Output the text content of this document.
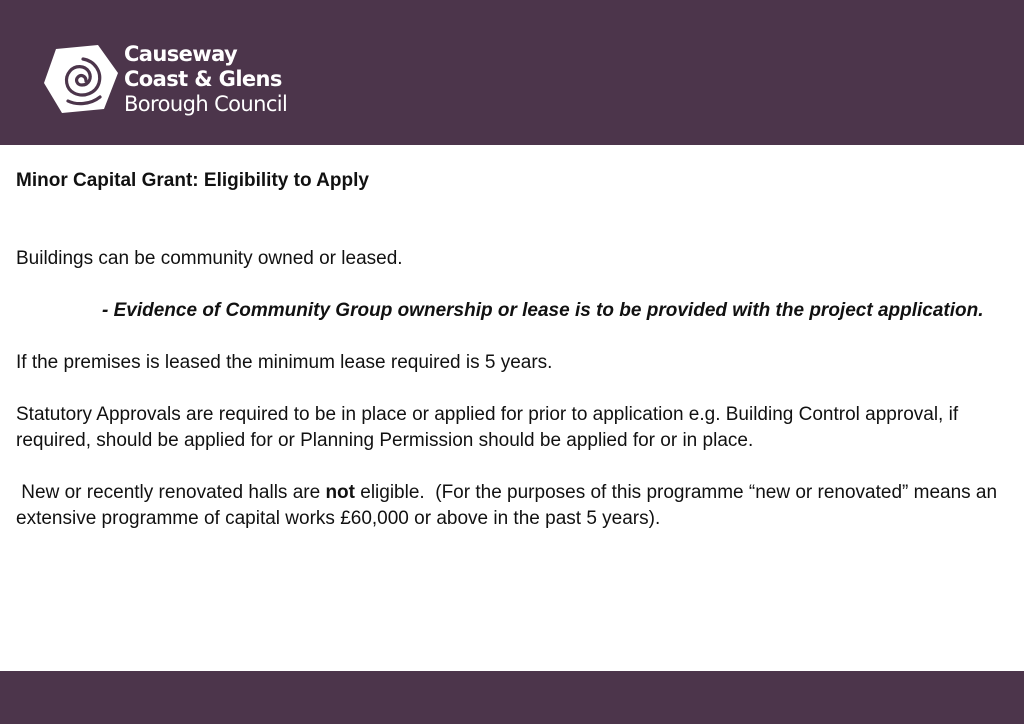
Causeway
Coast & Glens
Borough Council

Minor Capital Grant: Eligibility to Apply

Buildings can be community owned or leased.

- Evidence of Community Group ownership or lease is to be provided with the project application.

If the premises is leased the minimum lease required is 5 years.

Statutory Approvals are required to be in place or applied for prior to application e.g. Building Control approval, if required, should be applied for or Planning Permission should be applied for or in place.

New or recently renovated halls are not eligible.  (For the purposes of this programme “new or renovated” means an extensive programme of capital works £60,000 or above in the past 5 years).
